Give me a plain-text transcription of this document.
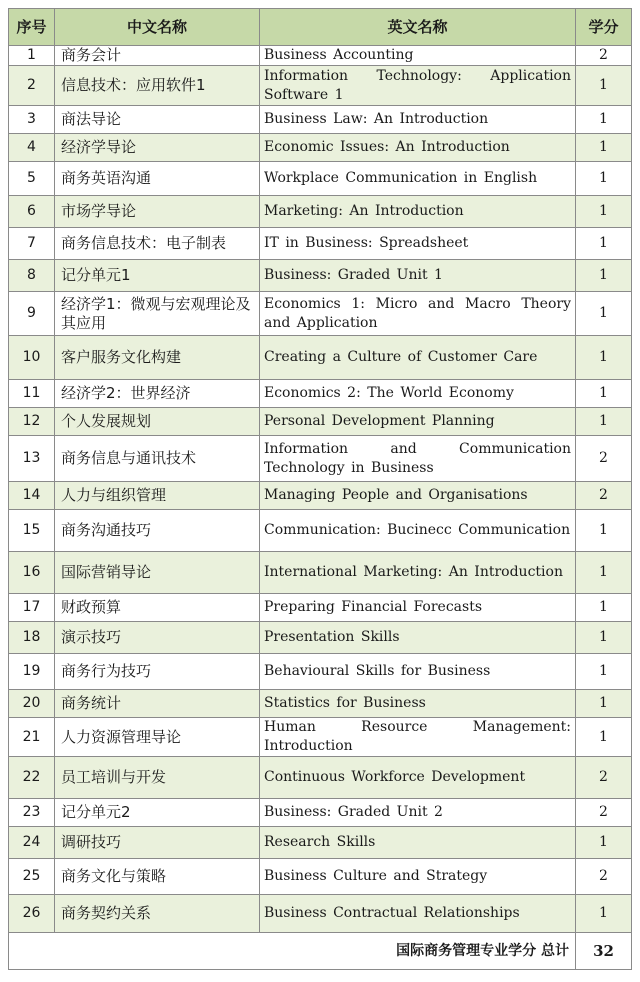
序号	中文名称	英文名称	学分
1	商务会计	Business Accounting	2
2	信息技术：应用软件1	Information Technology: Application Software 1	1
3	商法导论	Business Law: An Introduction	1
4	经济学导论	Economic Issues: An Introduction	1
5	商务英语沟通	Workplace Communication in English	1
6	市场学导论	Marketing: An Introduction	1
7	商务信息技术：电子制表	IT in Business: Spreadsheet	1
8	记分单元1	Business: Graded Unit 1	1
9	经济学1：微观与宏观理论及其应用	Economics 1: Micro and Macro Theory and Application	1
10	客户服务文化构建	Creating a Culture of Customer Care	1
11	经济学2：世界经济	Economics 2: The World Economy	1
12	个人发展规划	Personal Development Planning	1
13	商务信息与通讯技术	Information and Communication Technology in Business	2
14	人力与组织管理	Managing People and Organisations	2
15	商务沟通技巧	Communication: Bucinecc Communication	1
16	国际营销导论	International Marketing: An Introduction	1
17	财政预算	Preparing Financial Forecasts	1
18	演示技巧	Presentation Skills	1
19	商务行为技巧	Behavioural Skills for Business	1
20	商务统计	Statistics for Business	1
21	人力资源管理导论	Human Resource Management: Introduction	1
22	员工培训与开发	Continuous Workforce Development	2
23	记分单元2	Business: Graded Unit 2	2
24	调研技巧	Research Skills	1
25	商务文化与策略	Business Culture and Strategy	2
26	商务契约关系	Business Contractual Relationships	1
国际商务管理专业学分 总计			32
